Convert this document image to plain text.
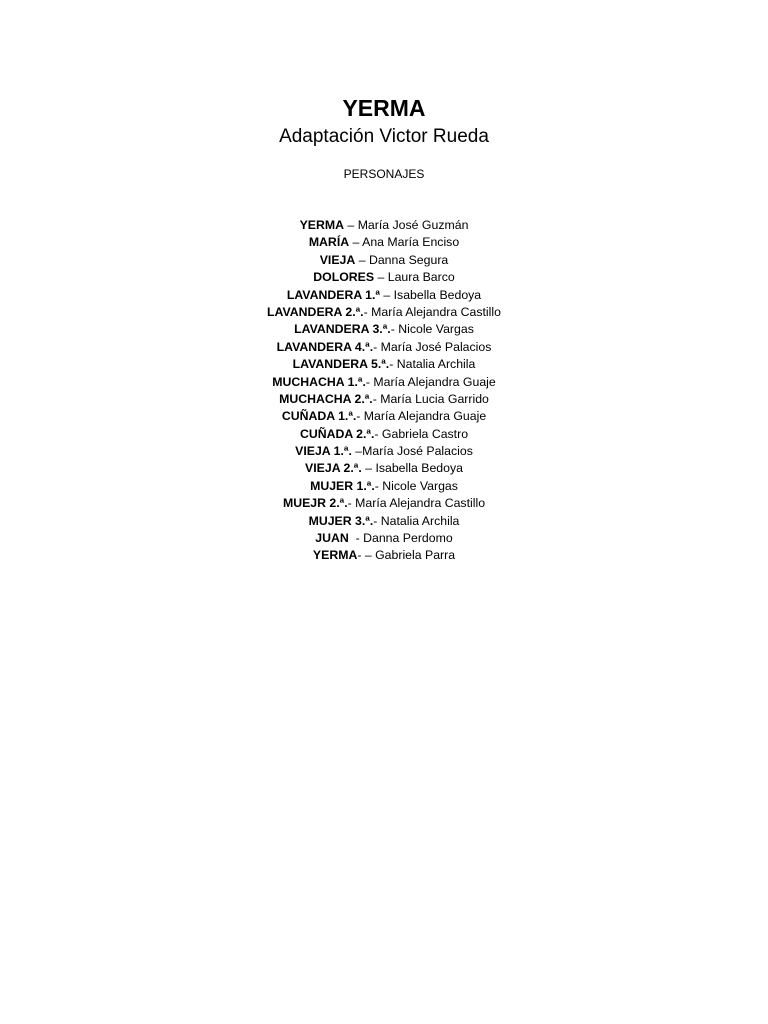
YERMA
Adaptación Victor Rueda
PERSONAJES
YERMA – María José Guzmán
MARÍA – Ana María Enciso
VIEJA – Danna Segura
DOLORES – Laura Barco
LAVANDERA 1.ª – Isabella Bedoya
LAVANDERA 2.ª.- María Alejandra Castillo
LAVANDERA 3.ª.- Nicole Vargas
LAVANDERA 4.ª.- María José Palacios
LAVANDERA 5.ª.- Natalia Archila
MUCHACHA 1.ª.- María Alejandra Guaje
MUCHACHA 2.ª.- María Lucia Garrido
CUÑADA 1.ª.- María Alejandra Guaje
CUÑADA 2.ª.- Gabriela Castro
VIEJA 1.ª. –María José Palacios
VIEJA 2.ª. – Isabella Bedoya
MUJER 1.ª.- Nicole Vargas
MUEJR 2.ª.- María Alejandra Castillo
MUJER 3.ª.- Natalia Archila
JUAN  - Danna Perdomo
YERMA- – Gabriela Parra
